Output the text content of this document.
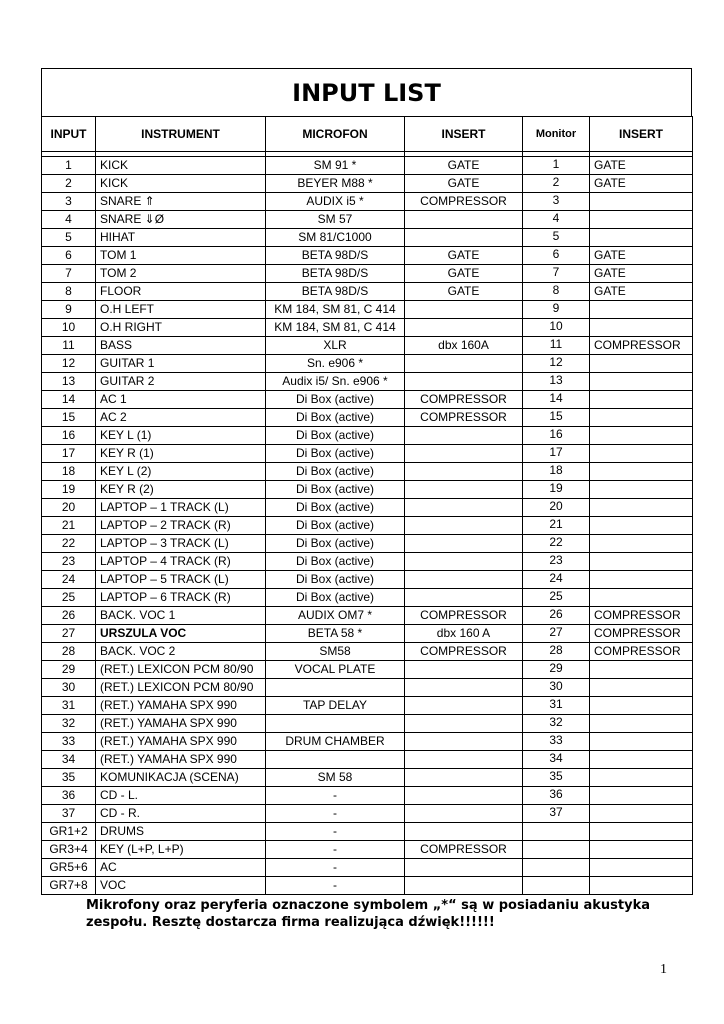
INPUT LIST
INPUT	INSTRUMENT	MICROFON	INSERT	Monitor	INSERT

1	KICK	SM 91 *	GATE	1	GATE
2	KICK	BEYER M88 *	GATE	2	GATE
3	SNARE ⇑	AUDIX i5 *	COMPRESSOR	3	
4	SNARE ⇓Ø	SM 57		4	
5	HIHAT	SM 81/C1000		5	
6	TOM 1	BETA 98D/S	GATE	6	GATE
7	TOM 2	BETA 98D/S	GATE	7	GATE
8	FLOOR	BETA 98D/S	GATE	8	GATE
9	O.H LEFT	KM 184, SM 81, C 414		9	
10	O.H RIGHT	KM 184, SM 81, C 414		10	
11	BASS	XLR	dbx 160A	11	COMPRESSOR
12	GUITAR 1	Sn. e906 *		12	
13	GUITAR 2	Audix i5/ Sn. e906 *		13	
14	AC 1	Di Box (active)	COMPRESSOR	14	
15	AC 2	Di Box (active)	COMPRESSOR	15	
16	KEY L (1)	Di Box (active)		16	
17	KEY R (1)	Di Box (active)		17	
18	KEY L (2)	Di Box (active)		18	
19	KEY R (2)	Di Box (active)		19	
20	LAPTOP – 1 TRACK (L)	Di Box (active)		20	
21	LAPTOP – 2 TRACK (R)	Di Box (active)		21	
22	LAPTOP – 3 TRACK (L)	Di Box (active)		22	
23	LAPTOP – 4 TRACK (R)	Di Box (active)		23	
24	LAPTOP – 5 TRACK (L)	Di Box (active)		24	
25	LAPTOP – 6 TRACK (R)	Di Box (active)		25	
26	BACK. VOC 1	AUDIX OM7 *	COMPRESSOR	26	COMPRESSOR
27	URSZULA VOC	BETA 58 *	dbx 160 A	27	COMPRESSOR
28	BACK. VOC 2	SM58	COMPRESSOR	28	COMPRESSOR
29	(RET.) LEXICON PCM 80/90	VOCAL PLATE		29	
30	(RET.) LEXICON PCM 80/90			30	
31	(RET.) YAMAHA SPX 990	TAP DELAY		31	
32	(RET.) YAMAHA SPX 990			32	
33	(RET.) YAMAHA SPX 990	DRUM CHAMBER		33	
34	(RET.) YAMAHA SPX 990			34	
35	KOMUNIKACJA (SCENA)	SM 58		35	
36	CD - L.	-		36	
37	CD - R.	-		37	
GR1+2	DRUMS	-			
GR3+4	KEY (L+P, L+P)	-	COMPRESSOR		
GR5+6	AC	-			
GR7+8	VOC	-			
Mikrofony oraz peryferia oznaczone symbolem „*“ są w posiadaniu akustyka zespołu. Resztę dostarcza firma realizująca dźwięk!!!!!!
1
